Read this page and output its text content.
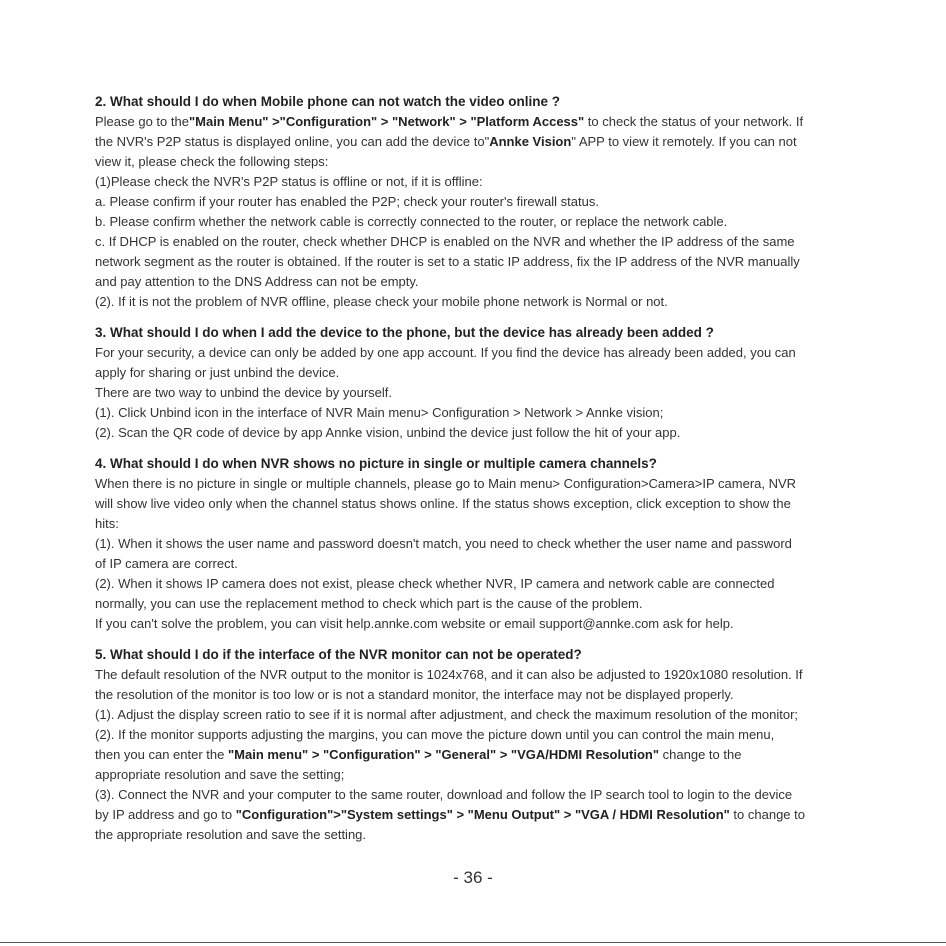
2. What should I do when Mobile phone can not watch the video online ?
Please go to the"Main Menu" >"Configuration" > "Network" > "Platform Access" to check the status of your network. If
the NVR's P2P status is displayed online, you can add the device to"Annke Vision" APP to view it remotely. If you can not
view it, please check the following steps:
(1)Please check the NVR's P2P status is offline or not, if it is offline:
a. Please confirm if your router has enabled the P2P; check your router's firewall status.
b. Please confirm whether the network cable is correctly connected to the router, or replace the network cable.
c. If DHCP is enabled on the router, check whether DHCP is enabled on the NVR and whether the IP address of the same
network segment as the router is obtained. If the router is set to a static IP address, fix the IP address of the NVR manually
and pay attention to the DNS Address can not be empty.
(2). If it is not the problem of NVR offline, please check your mobile phone network is Normal or not.
3. What should I do when I add the device to the phone, but the device has already been added ?
For your security, a device can only be added by one app account. If you find the device has already been added, you can
apply for sharing or just unbind the device.
There are two way to unbind the device by yourself.
(1). Click Unbind icon in the interface of NVR Main menu> Configuration > Network > Annke vision;
(2). Scan the QR code of device by app Annke vision, unbind the device just follow the hit of your app.
4. What should I do when NVR shows no picture in single or multiple camera channels?
When there is no picture in single or multiple channels, please go to Main menu> Configuration>Camera>IP camera, NVR
will show live video only when the channel status shows online. If the status shows exception, click exception to show the
hits:
(1). When it shows the user name and password doesn't match, you need to check whether the user name and password
of IP camera are correct.
(2). When it shows IP camera does not exist, please check whether NVR, IP camera and network cable are connected
normally, you can use the replacement method to check which part is the cause of the problem.
If you can't solve the problem, you can visit help.annke.com website or email support@annke.com ask for help.
5. What should I do if the interface of the NVR monitor can not be operated?
The default resolution of the NVR output to the monitor is 1024x768, and it can also be adjusted to 1920x1080 resolution. If
the resolution of the monitor is too low or is not a standard monitor, the interface may not be displayed properly.
(1). Adjust the display screen ratio to see if it is normal after adjustment, and check the maximum resolution of the monitor;
(2). If the monitor supports adjusting the margins, you can move the picture down until you can control the main menu,
then you can enter the "Main menu" > "Configuration" > "General" > "VGA/HDMI Resolution" change to the
appropriate resolution and save the setting;
(3). Connect the NVR and your computer to the same router, download and follow the IP search tool to login to the device
by IP address and go to "Configuration">"System settings" > "Menu Output" > "VGA / HDMI Resolution" to change to
the appropriate resolution and save the setting.
- 36 -
